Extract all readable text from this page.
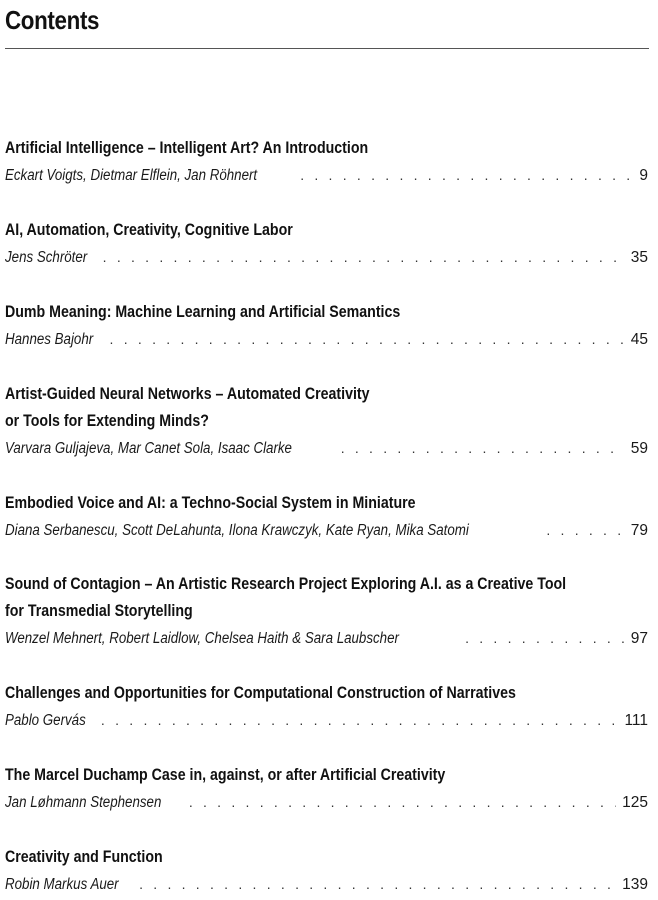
Contents
Artificial Intelligence – Intelligent Art? An Introduction
Eckart Voigts, Dietmar Elflein, Jan Röhnert . . .	9
AI, Automation, Creativity, Cognitive Labor
Jens Schröter . . .	35
Dumb Meaning: Machine Learning and Artificial Semantics
Hannes Bajohr . . .	45
Artist-Guided Neural Networks – Automated Creativity
or Tools for Extending Minds?
Varvara Guljajeva, Mar Canet Sola, Isaac Clarke . . .	59
Embodied Voice and AI: a Techno-Social System in Miniature
Diana Serbanescu, Scott DeLahunta, Ilona Krawczyk, Kate Ryan, Mika Satomi . . .	79
Sound of Contagion – An Artistic Research Project Exploring A.I. as a Creative Tool
for Transmedial Storytelling
Wenzel Mehnert, Robert Laidlow, Chelsea Haith & Sara Laubscher . . .	97
Challenges and Opportunities for Computational Construction of Narratives
Pablo Gervás . . .	111
The Marcel Duchamp Case in, against, or after Artificial Creativity
Jan Løhmann Stephensen . . .	125
Creativity and Function
Robin Markus Auer . . .	139
